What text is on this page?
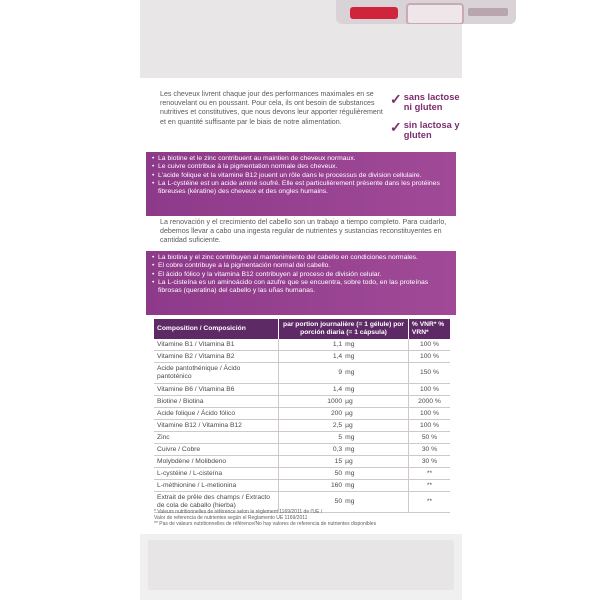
Les cheveux livrent chaque jour des performances maximales en se renouvelant ou en poussant. Pour cela, ils ont besoin de substances nutritives et constitutives, que nous devons leur apporter régulièrement et en quantité suffisante par le biais de notre alimentation.
✓ sans lactose ni gluten
✓ sin lactosa y gluten
• La biotine et le zinc contribuent au maintien de cheveux normaux.
• Le cuivre contribue à la pigmentation normale des cheveux.
• L'acide folique et la vitamine B12 jouent un rôle dans le processus de division cellulaire.
• La L-cystéine est un acide aminé soufré. Elle est particulièrement présente dans les protéines fibreuses (kératine) des cheveux et des ongles humains.
La renovación y el crecimiento del cabello son un trabajo a tiempo completo. Para cuidarlo, debemos llevar a cabo una ingesta regular de nutrientes y sustancias reconstituyentes en cantidad suficiente.
• La biotina y el zinc contribuyen al mantenimiento del cabello en condiciones normales.
• El cobre contribuye a la pigmentación normal del cabello.
• El ácido fólico y la vitamina B12 contribuyen al proceso de división celular.
• La L-cisteína es un aminoácido con azufre que se encuentra, sobre todo, en las proteínas fibrosas (queratina) del cabello y las uñas humanas.
Composition / Composición	par portion journalière (= 1 gélule) por porción diaria (= 1 cápsula)	% VNR* % VRN*
Vitamine B1 / Vitamina B1	1,1 mg	100 %
Vitamine B2 / Vitamina B2	1,4 mg	100 %
Acide pantothénique / Ácido pantoténico	9 mg	150 %
Vitamine B6 / Vitamina B6	1,4 mg	100 %
Biotine / Biotina	1000 µg	2000 %
Acide folique / Ácido fólico	200 µg	100 %
Vitamine B12 / Vitamina B12	2,5 µg	100 %
Zinc	5 mg	50 %
Cuivre / Cobre	0,3 mg	30 %
Molybdène / Molibdeno	15 µg	30 %
L-cystéine / L-cisteína	50 mg	**
L-méthionine / L-metionina	160 mg	**
Extrait de prêle des champs / Extracto de cola de caballo (hierba)	50 mg	**
* Valeurs nutritionnelles de référence selon le règlement 1169/2011 de l'UE /
Valor de referencia de nutrientes según el Reglamento UE 1169/2011
** Pas de valeurs nutritionnelles de référence/No hay valores de referencia de nutrientes disponibles
